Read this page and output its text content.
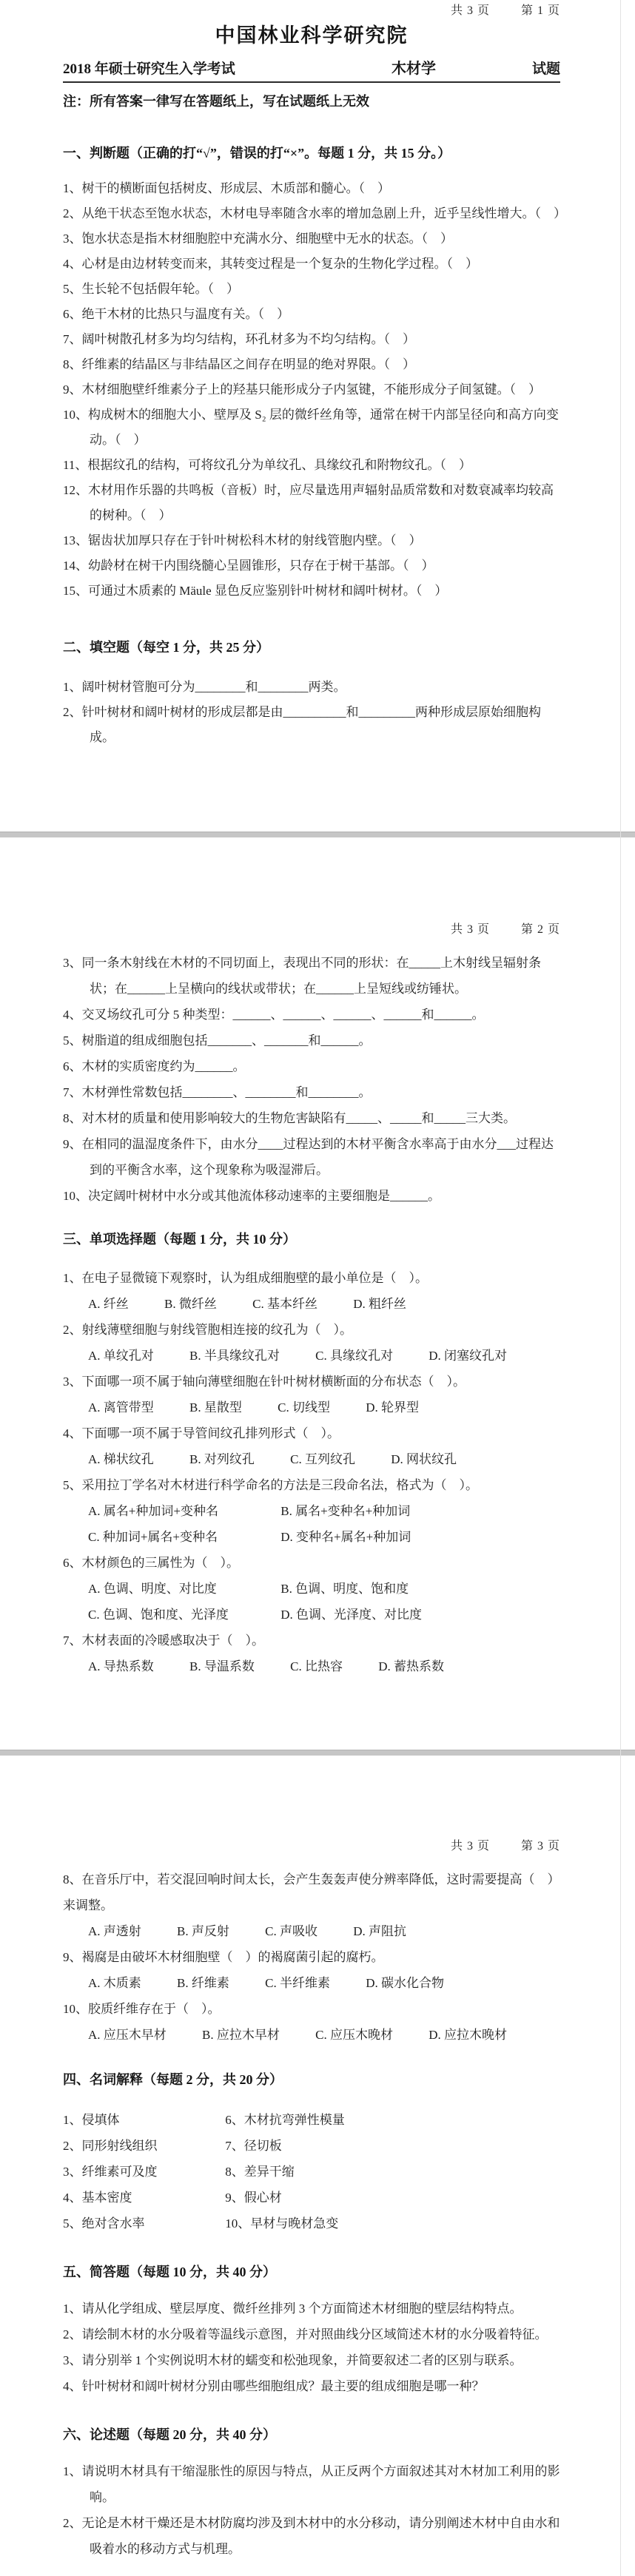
共 3 页	第 1 页
中国林业科学研究院
2018 年硕士研究生入学考试	木材学	试题
注：所有答案一律写在答题纸上，写在试题纸上无效
一、判断题（正确的打“√”，错误的打“×”。每题 1 分，共 15 分。）
1、树干的横断面包括树皮、形成层、木质部和髓心。（　）
2、从绝干状态至饱水状态，木材电导率随含水率的增加急剧上升，近乎呈线性增大。（　）
3、饱水状态是指木材细胞腔中充满水分、细胞壁中无水的状态。（　）
4、心材是由边材转变而来，其转变过程是一个复杂的生物化学过程。（　）
5、生长轮不包括假年轮。（　）
6、绝干木材的比热只与温度有关。（　）
7、阔叶树散孔材多为均匀结构，环孔材多为不均匀结构。（　）
8、纤维素的结晶区与非结晶区之间存在明显的绝对界限。（　）
9、木材细胞壁纤维素分子上的羟基只能形成分子内氢键，不能形成分子间氢键。（　）
10、构成树木的细胞大小、壁厚及 S₂ 层的微纤丝角等，通常在树干内部呈径向和高方向变动。（　）
11、根据纹孔的结构，可将纹孔分为单纹孔、具缘纹孔和附物纹孔。（　）
12、木材用作乐器的共鸣板（音板）时，应尽量选用声辐射品质常数和对数衰减率均较高的树种。（　）
13、锯齿状加厚只存在于针叶树松科木材的射线管胞内壁。（　）
14、幼龄材在树干内围绕髓心呈圆锥形，只存在于树干基部。（　）
15、可通过木质素的 Mäule 显色反应鉴别针叶树材和阔叶树材。（　）
二、填空题（每空 1 分，共 25 分）
1、阔叶树材管胞可分为________和________两类。
2、针叶树材和阔叶树材的形成层都是由__________和_________两种形成层原始细胞构成。
共 3 页	第 2 页
3、同一条木射线在木材的不同切面上，表现出不同的形状：在_____上木射线呈辐射条状；在______上呈横向的线状或带状；在______上呈短线或纺锤状。
4、交叉场纹孔可分 5 种类型：______、______、______、______和______。
5、树脂道的组成细胞包括_______、_______和______。
6、木材的实质密度约为______。
7、木材弹性常数包括________、________和________。
8、对木材的质量和使用影响较大的生物危害缺陷有_____、_____和_____三大类。
9、在相同的温湿度条件下，由水分____过程达到的木材平衡含水率高于由水分___过程达到的平衡含水率，这个现象称为吸湿滞后。
10、决定阔叶树材中水分或其他流体移动速率的主要细胞是______。
三、单项选择题（每题 1 分，共 10 分）
1、在电子显微镜下观察时，认为组成细胞壁的最小单位是（　）。
A. 纤丝	B. 微纤丝	C. 基本纤丝	D. 粗纤丝
2、射线薄壁细胞与射线管胞相连接的纹孔为（　）。
A. 单纹孔对	B. 半具缘纹孔对	C. 具缘纹孔对	D. 闭塞纹孔对
3、下面哪一项不属于轴向薄壁细胞在针叶树材横断面的分布状态（　）。
A. 离管带型	B. 星散型	C. 切线型	D. 轮界型
4、下面哪一项不属于导管间纹孔排列形式（　）。
A. 梯状纹孔	B. 对列纹孔	C. 互列纹孔	D. 网状纹孔
5、采用拉丁学名对木材进行科学命名的方法是三段命名法，格式为（　）。
A. 属名+种加词+变种名	B. 属名+变种名+种加词
C. 种加词+属名+变种名	D. 变种名+属名+种加词
6、木材颜色的三属性为（　）。
A. 色调、明度、对比度	B. 色调、明度、饱和度
C. 色调、饱和度、光泽度	D. 色调、光泽度、对比度
7、木材表面的冷暖感取决于（　）。
A. 导热系数	B. 导温系数	C. 比热容	D. 蓄热系数
共 3 页	第 3 页
8、在音乐厅中，若交混回响时间太长，会产生轰轰声使分辨率降低，这时需要提高（　）来调整。
A. 声透射	B. 声反射	C. 声吸收	D. 声阻抗
9、褐腐是由破坏木材细胞壁（　）的褐腐菌引起的腐朽。
A. 木质素	B. 纤维素	C. 半纤维素	D. 碳水化合物
10、胶质纤维存在于（　）。
A. 应压木早材	B. 应拉木早材	C. 应压木晚材	D. 应拉木晚材
四、名词解释（每题 2 分，共 20 分）
1、侵填体	6、木材抗弯弹性模量
2、同形射线组织	7、径切板
3、纤维素可及度	8、差异干缩
4、基本密度	9、假心材
5、绝对含水率	10、早材与晚材急变
五、简答题（每题 10 分，共 40 分）
1、请从化学组成、壁层厚度、微纤丝排列 3 个方面简述木材细胞的壁层结构特点。
2、请绘制木材的水分吸着等温线示意图，并对照曲线分区域简述木材的水分吸着特征。
3、请分别举 1 个实例说明木材的蠕变和松弛现象，并简要叙述二者的区别与联系。
4、针叶树材和阔叶树材分别由哪些细胞组成？最主要的组成细胞是哪一种？
六、论述题（每题 20 分，共 40 分）
1、请说明木材具有干缩湿胀性的原因与特点，从正反两个方面叙述其对木材加工利用的影响。
2、无论是木材干燥还是木材防腐均涉及到木材中的水分移动，请分别阐述木材中自由水和吸着水的移动方式与机理。
